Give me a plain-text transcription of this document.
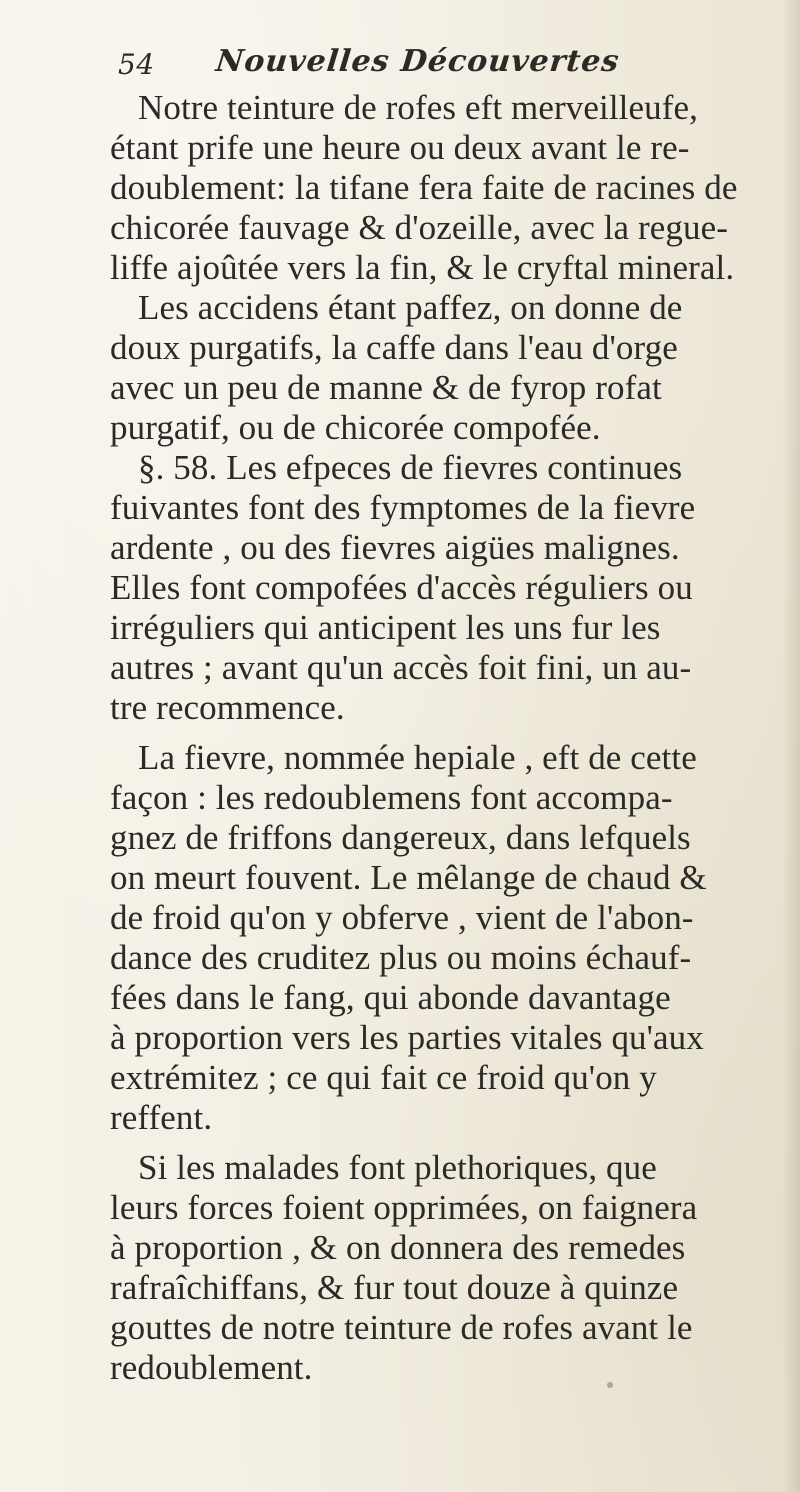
54 Nouvelles Découvertes
Notre teinture de rofes eft merveilleufe,
étant prife une heure ou deux avant le re-
doublement: la tifane fera faite de racines de
chicorée fauvage & d'ozeille, avec la regue-
liffe ajoûtée vers la fin, & le cryftal mineral.
Les accidens étant paffez, on donne de
doux purgatifs, la caffe dans l'eau d'orge
avec un peu de manne & de fyrop rofat
purgatif, ou de chicorée compofée.
§. 58. Les efpeces de fievres continues
fuivantes font des fymptomes de la fievre
ardente , ou des fievres aigües malignes.
Elles font compofées d'accès réguliers ou
irréguliers qui anticipent les uns fur les
autres ; avant qu'un accès foit fini, un au-
tre recommence.
La fievre, nommée hepiale , eft de cette
façon : les redoublemens font accompa-
gnez de friffons dangereux, dans lefquels
on meurt fouvent. Le mêlange de chaud &
de froid qu'on y obferve , vient de l'abon-
dance des cruditez plus ou moins échauf-
fées dans le fang, qui abonde davantage
à proportion vers les parties vitales qu'aux
extrémitez ; ce qui fait ce froid qu'on y
reffent.
Si les malades font plethoriques, que
leurs forces foient opprimées, on faignera
à proportion , & on donnera des remedes
rafraîchiffans, & fur tout douze à quinze
gouttes de notre teinture de rofes avant le
redoublement.
